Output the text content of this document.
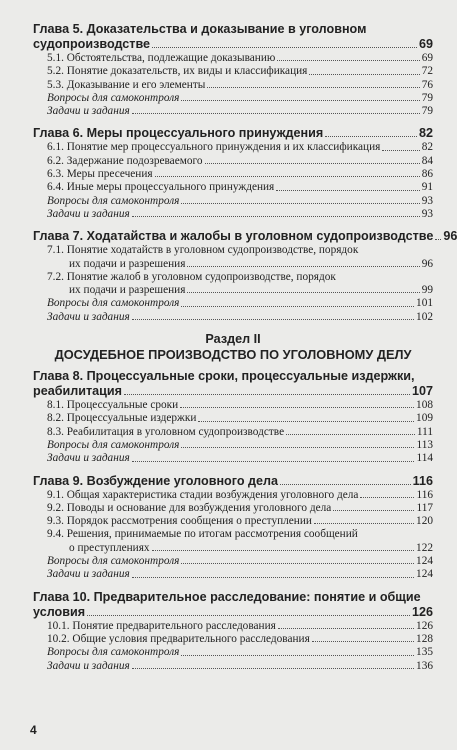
Глава 5. Доказательства и доказывание в уголовном
судопроизводстве	69
5.1. Обстоятельства, подлежащие доказыванию	69
5.2. Понятие доказательств, их виды и классификация	72
5.3. Доказывание и его элементы	76
Вопросы для самоконтроля	79
Задачи и задания	79
Глава 6. Меры процессуального принуждения	82
6.1. Понятие мер процессуального принуждения и их классификация	82
6.2. Задержание подозреваемого	84
6.3. Меры пресечения	86
6.4. Иные меры процессуального принуждения	91
Вопросы для самоконтроля	93
Задачи и задания	93
Глава 7. Ходатайства и жалобы в уголовном судопроизводстве 96
7.1. Понятие ходатайств в уголовном судопроизводстве, порядок
их подачи и разрешения	96
7.2. Понятие жалоб в уголовном судопроизводстве, порядок
их подачи и разрешения	99
Вопросы для самоконтроля	101
Задачи и задания	102
Раздел II
ДОСУДЕБНОЕ ПРОИЗВОДСТВО ПО УГОЛОВНОМУ ДЕЛУ
Глава 8. Процессуальные сроки, процессуальные издержки,
реабилитация	107
8.1. Процессуальные сроки	108
8.2. Процессуальные издержки	109
8.3. Реабилитация в уголовном судопроизводстве	111
Вопросы для самоконтроля	113
Задачи и задания	114
Глава 9. Возбуждение уголовного дела	116
9.1. Общая характеристика стадии возбуждения уголовного дела	116
9.2. Поводы и основание для возбуждения уголовного дела	117
9.3. Порядок рассмотрения сообщения о преступлении	120
9.4. Решения, принимаемые по итогам рассмотрения сообщений
о преступлениях	122
Вопросы для самоконтроля	124
Задачи и задания	124
Глава 10. Предварительное расследование: понятие и общие
условия	126
10.1. Понятие предварительного расследования	126
10.2. Общие условия предварительного расследования	128
Вопросы для самоконтроля	135
Задачи и задания	136
4
